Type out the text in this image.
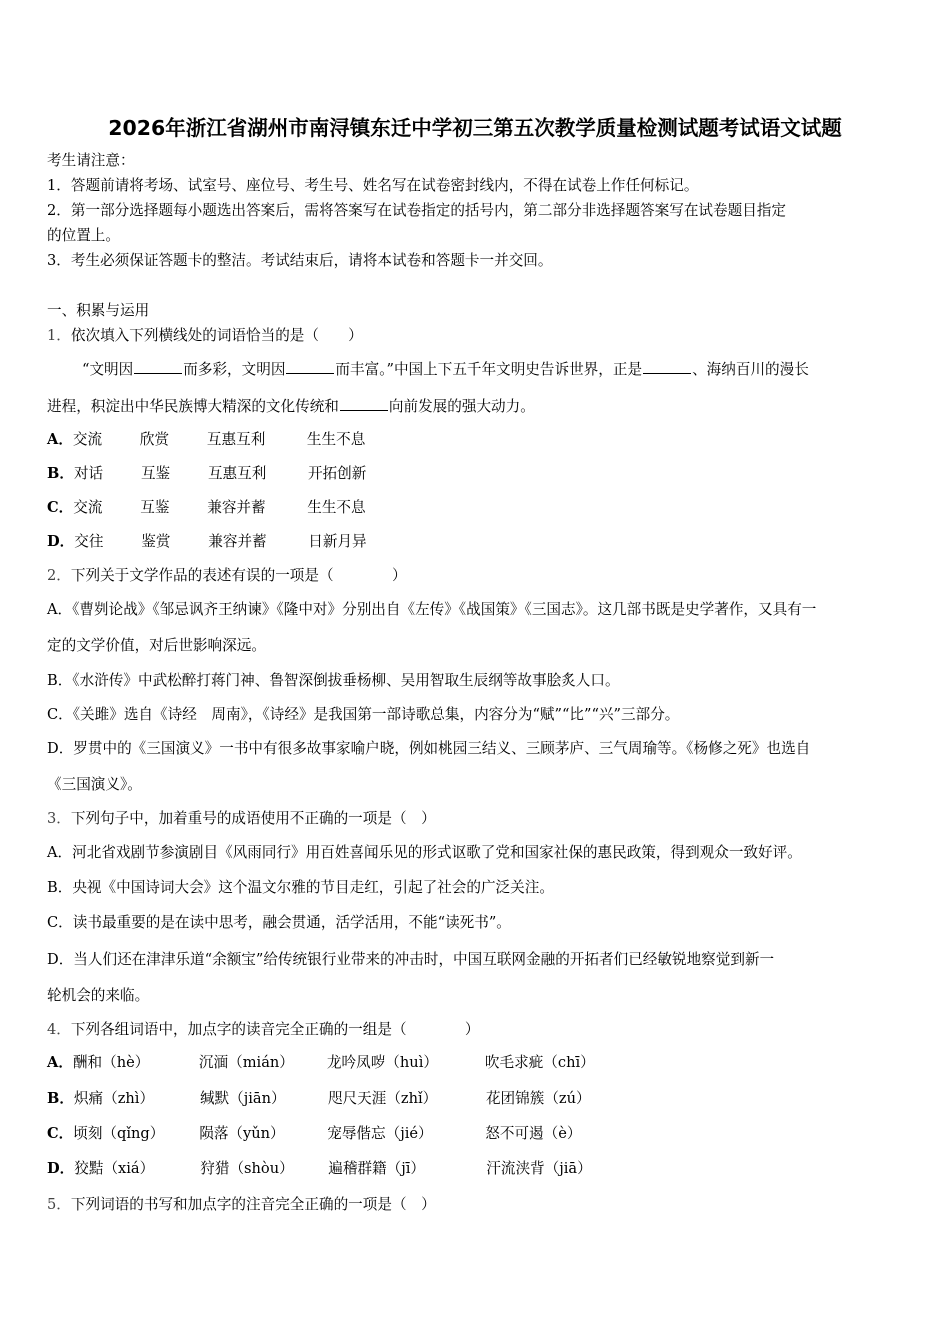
2026年浙江省湖州市南浔镇东迁中学初三第五次教学质量检测试题考试语文试题
考生请注意：
1．答题前请将考场、试室号、座位号、考生号、姓名写在试卷密封线内，不得在试卷上作任何标记。
2．第一部分选择题每小题选出答案后，需将答案写在试卷指定的括号内，第二部分非选择题答案写在试卷题目指定
的位置上。
3．考生必须保证答题卡的整洁。考试结束后，请将本试卷和答题卡一并交回。
一、积累与运用
1．依次填入下列横线处的词语恰当的是（　　）
“文明因	而多彩，文明因	而丰富。”中国上下五千年文明史告诉世界，正是	、海纳百川的漫长
进程，积淀出中华民族博大精深的文化传统和	向前发展的强大动力。
A．交流	欣赏	互惠互利	生生不息
B．对话	互鉴	互惠互利	开拓创新
C．交流	互鉴	兼容并蓄	生生不息
D．交往	鉴赏	兼容并蓄	日新月异
2．下列关于文学作品的表述有误的一项是（　　　　）
A．《曹刿论战》《邹忌讽齐王纳谏》《隆中对》分别出自《左传》《战国策》《三国志》。这几部书既是史学著作，又具有一
定的文学价值，对后世影响深远。
B．《水浒传》中武松醉打蒋门神、鲁智深倒拔垂杨柳、吴用智取生辰纲等故事脍炙人口。
C．《关雎》选自《诗经　周南》，《诗经》是我国第一部诗歌总集，内容分为“赋”“比”“兴”三部分。
D．罗贯中的《三国演义》一书中有很多故事家喻户晓，例如桃园三结义、三顾茅庐、三气周瑜等。《杨修之死》也选自
《三国演义》。
3．下列句子中，加着重号的成语使用不正确的一项是（　）
A．河北省戏剧节参演剧目《风雨同行》用百姓喜闻乐见的形式讴歌了党和国家社保的惠民政策，得到观众一致好评。
B．央视《中国诗词大会》这个温文尔雅的节目走红，引起了社会的广泛关注。
C．读书最重要的是在读中思考，融会贯通，活学活用，不能“读死书”。
D．当人们还在津津乐道“余额宝”给传统银行业带来的冲击时，中国互联网金融的开拓者们已经敏锐地察觉到新一
轮机会的来临。
4．下列各组词语中，加点字的读音完全正确的一组是（　　　　）
A．酬和（hè）	沉湎（mián） 龙吟凤哕（huì）	吹毛求疵（chī）
B．炽痛（zhì）	缄默（jiān）	咫尺天涯（zhǐ）	花团锦簇（zú）
C．顷刻（qǐng） 陨落（yǔn）	宠辱偕忘（jié）	怒不可遏（è）
D．狡黠（xiá）	狩猎（shòu） 遍稽群籍（jī）	汗流浃背（jiā）
5．下列词语的书写和加点字的注音完全正确的一项是（　）
